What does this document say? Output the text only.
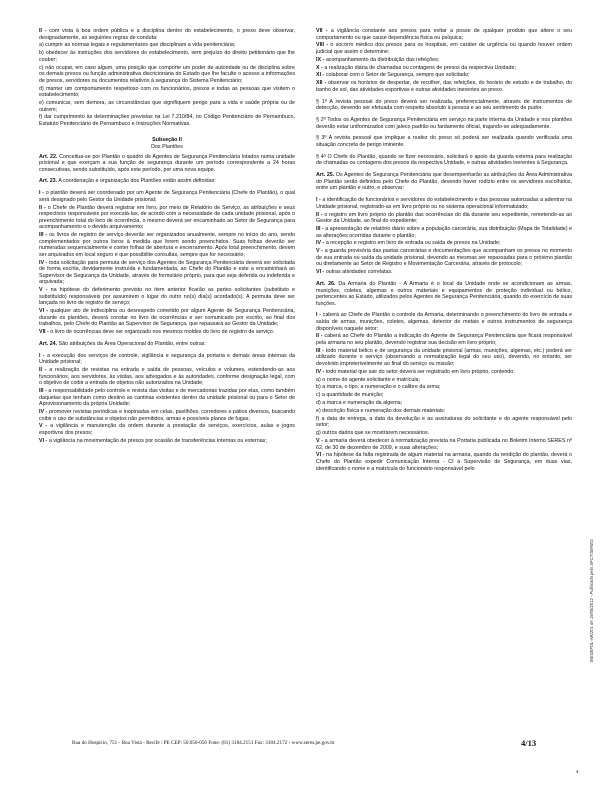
II - com vista à boa ordem pública e a disciplina dentro do estabelecimento, o preso deve observar, designadamente, as seguintes regras de conduta:

a) cumprir as normas legais e regulamentares que disciplinam a vida penitenciária;

b) obedecer às instruções dos servidores do estabelecimento, sem prejuízo do direito petitionário que lhe couber;

c) não ocupar, em caso algum, uma posição que comporte um poder de autoridade ou de disciplina sobre os demais presos ou função administrativa discricionária do Estado que lhe faculte o acesso a informações de presos, servidores ou documentos relativos à segurança do Sistema Penitenciário;

d) manter um comportamento respeitoso com os funcionários, presos e todas as pessoas que visitem o estabelecimento;

e) comunicar, sem demora, as circunstâncias que signifiquem perigo para a vida e saúde própria ou de outrem;

f) dar cumprimento às determinações previstas na Lei 7.210/84, no Código Penitenciário de Pernambuco, Estatuto Penitenciário de Pernambuco e Instruções Normativas.

Subseção II
Dos Plantões

Art. 22. Conceitua-se por Plantão o quadro de Agentes de Segurança Penitenciária lotados numa unidade prisional e que exerçam a sua função de segurança durante um período correspondente a 24 horas consecutivas, sendo substituído, após este período, por uma nova equipe.

Art. 23. A coordenação e organização dos Plantões estão assim definidas:

I - o plantão deverá ser coordenado por um Agente de Segurança Penitenciária (Chefe do Plantão), o qual será designado pelo Gestor da Unidade prisional;

II - o Chefe de Plantão deverá registrar em livro, por meio de Relatório de Serviço, as atribuições e seus respectivos responsáveis por executá-las, de acordo com a necessidade de cada unidade prisional, após o preenchimento total do livro de ocorrência, o mesmo deverá ser encaminhado ao Setor de Segurança para acompanhamento e o devido arquivamento;

III - os livros de registro de serviço deverão ser organizados anualmente, sempre no início do ano, sendo complementados por outros livros à medida que forem sendo preenchidos. Suas folhas deverão ser numeradas sequencialmente e conter folhas de abertura e encerramento. Após total preenchimento, devem ser arquivados em local seguro e que possibilite consultas, sempre que for necessário;

IV - toda solicitação para permuta de serviço dos Agentes de Segurança Penitenciária deverá ser solicitada de forma escrita, devidamente instruída e fundamentada, ao Chefe do Plantão e este a encaminhará ao Supervisor de Segurança da Unidade, através de formulário próprio, para que seja deferida ou indeferida e arquivada;

V - na hipótese do deferimento previsto no item anterior ficarão as partes solicitantes (substituto e substituído) responsáveis por assumirem o lugar do outro no(s) dia(s) acordado(s). A permuta deve ser lançada no livro de registro de serviço;

VI - qualquer ato de indisciplina ou desrespeito cometido por algum Agente de Segurança Penitenciária, durante os plantões, deverá constar no livro de ocorrências e ser comunicado por escrito, ao final dos trabalhos, pelo Chefe do Plantão ao Supervisor de Segurança, que repassará ao Gestor da Unidade;

VII - o livro de ocorrências deve ser organizado nos mesmos moldes do livro de registro de serviço.

Art. 24. São atribuições da Área Operacional do Plantão, entre outras:

I - a execução dos serviços de controle, vigilância e segurança da portaria e demais áreas internas da Unidade prisional;

II - a realização de revistas na entrada e saída de pessoas, veículos e volumes, estendendo-as aos funcionários, aos servidores, às visitas, aos advogados e às autoridades, conforme designação legal, com o objetivo de coibir a entrada de objetos não autorizados na Unidade;

III - a responsabilidade pelo controle e revista das visitas e de mercadorias trazidas por elas, como também daquelas que tenham como destino as cantinas existentes dentro da unidade prisional ou para o Setor de Aprovisionamento da própria Unidade;

IV - promover revistas periódicas e inopinadas em celas, pavilhões, corredores e pátios diversos, buscando coibir o uso de substâncias e objetos não permitidos, armas e possíveis planos de fugas;

V - a vigilância e manutenção da ordem durante a prestação de serviços, exercícios, aulas e jogos esportivos dos presos;

VI - a vigilância na movimentação de presos por ocasião de transferências internas ou externas;

VII - a vigilância constante aos presos para evitar a posse de qualquer produto que altere o seu comportamento ou que cause dependência física ou psíquica;

VIII - o socorro médico dos presos para os hospitais, em caráter de urgência ou quando houver ordem judicial que assim o determine;

IX - acompanhamento da distribuição das refeições;

X - a realização diária de chamadas ou contagens de presos da respectiva Unidade;

XI - colaborar com o Setor de Segurança, sempre que solicitado;

XII - observar os horários de despertar, de recolher, das refeições, do horário de estudo e de trabalho, do banho de sol, das atividades esportivas e outras atividades inerentes ao preso.

§ 1º A revista pessoal do preso deverá ser realizada, preferencialmente, através de instrumentos de detecção, devendo ser efetuada com respeito absoluto à pessoa e ao seu sentimento de pudor.

§ 2º Todos os Agentes de Segurança Penitenciária em serviço na parte interna da Unidade e nos plantões deverão estar uniformizados com jaleco padrão ou fardamento oficial, trajando-se adequadamente.

§ 3º A revista pessoal que implique a nudez do preso só poderá ser realizada quando verificada uma situação concreta de perigo iminente.

§ 4º O Chefe do Plantão, quando se fizer necessário, solicitará o apoio da guarda externa para realização de chamadas ou contagens dos presos da respectiva Unidade, e outras atividades inerentes à Segurança.

Art. 25. Os Agentes de Segurança Penitenciária que desempenharão as atribuições da Área Administrativa do Plantão serão definidos pelo Chefe do Plantão, devendo haver rodízio entre os servidores escolhidos, entre um plantão e outro, e observar:

I - a identificação de funcionários e servidores do estabelecimento e das pessoas autorizadas a adentrar na Unidade prisional, registrado-as em livro próprio ou no sistema operacional informatizado;

II - o registro em livro próprio do plantão das ocorrências do dia durante seu expediente, remetendo-as ao Gestor da Unidade, ao final do expediente;

III - a apresentação de relatório diário sobre a população carcerária, sua distribuição (Mapa de Totalidade) e as alterações ocorridas durante o plantão;

IV - a recepção e registro em livro de entrada ou saída de presos na Unidade;

V - a guarda provisória das pastas carcerárias e documentações que acompanham os presos no momento de sua entrada ou saída da unidade prisional, devendo as mesmas ser repassadas para o próximo plantão ou diretamente ao Setor de Registro e Movimentação Carcerária, através de protocolo;

VI - outras atividades correlatas.

Art. 26. Da Armaria do Plantão - A Armaria é o local da Unidade onde se acondicionam as armas, munições, coletes, algemas e outros materiais e equipamentos de proteção individual ou bélico, pertencentes ao Estado, utilizados pelos Agentes de Segurança Penitenciária, quando do exercício de suas funções.

I - caberá ao Chefe de Plantão o controle da Armaria, determinando o preenchimento do livro de entrada e saída de armas, munições, coletes, algemas, detector de metais e outros instrumentos de segurança disponíveis naquele setor;

II - caberá ao Chefe do Plantão a indicação do Agente de Segurança Penitenciária que ficará responsável pela armaria no seu plantão, devendo registrar sua decisão em livro próprio;

III - todo material bélico e de segurança da unidade prisional (armas, munições, algemas, etc.) poderá ser utilizado durante o serviço (observando a normatização legal do seu uso), devendo, no entanto, ser devolvido impreterivelmente ao final do serviço ou missão;

IV - todo material que sair do setor deverá ser registrado em livro próprio, contendo:

a) o nome do agente solicitante e matrícula;

b) a marca, o tipo, a numeração e o calibre da arma;

c) a quantidade de munição;

d) a marca e numeração da algema;

e) descrição física e numeração dos demais materiais;

f) a data de entrega, a data da devolução e as assinaturas do solicitante e do agente responsável pelo setor;

g) outros dados que se mostrarem necessários.

V - a armaria deverá obedecer à normatização prevista na Portaria publicada no Boletim Interno SERES nº 62, de 30 de dezembro de 2009, e suas alterações;

VI - na hipótese da falta registrada de algum material na armaria, quando da rendição do plantão, deverá o Chefe do Plantão expedir Comunicação Interna - CI à Supervisão de Segurança, em duas vias, identificando o nome e a matrícula do funcionário responsável pelo

BIESEFOL-AR/201 de 19/08/2012 - Publicado pela SPCT/SERES
Rua do Hospício, 751 - Boa Vista - Recife / PE CEP: 50.050-050 Fone: (81) 3184.2151 Fax: 3184.2172 - www.seres.pe.gov.br	4/13
4
